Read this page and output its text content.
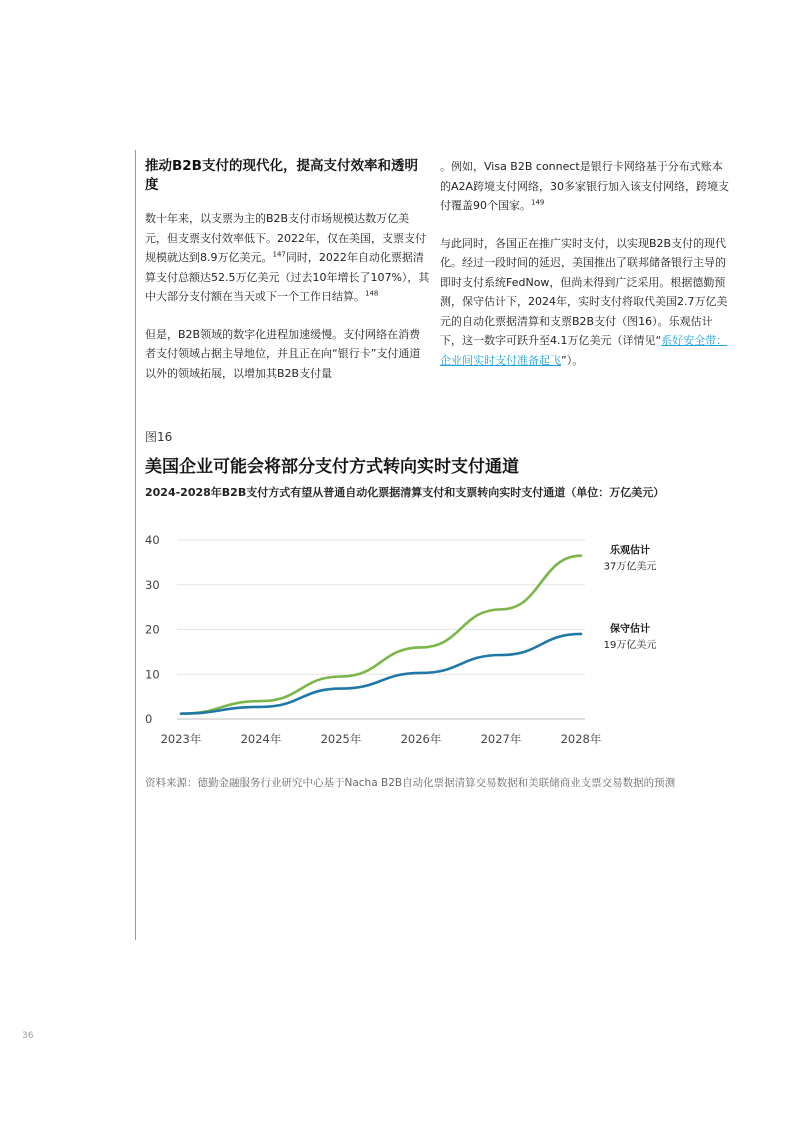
推动B2B支付的现代化，提高支付效率和透明度
数十年来，以支票为主的B2B支付市场规模达数万亿美元，但支票支付效率低下。2022年，仅在美国，支票支付规模就达到8.9万亿美元。$^{147}$同时，2022年自动化票据清算支付总额达52.5万亿美元（过去10年增长了107%），其中大部分支付额在当天或下一个工作日结算。$^{148}$
但是，B2B领域的数字化进程加速缓慢。支付网络在消费者支付领域占据主导地位，并且正在向“银行卡”支付通道以外的领域拓展，以增加其B2B支付量
。例如，Visa B2B connect是银行卡网络基于分布式账本的A2A跨境支付网络，30多家银行加入该支付网络，跨境支付覆盖90个国家。$^{149}$
与此同时，各国正在推广实时支付，以实现B2B支付的现代化。经过一段时间的延迟，美国推出了联邦储备银行主导的即时支付系统FedNow，但尚未得到广泛采用。根据德勤预测，保守估计下，2024年，实时支付将取代美国2.7万亿美元的自动化票据清算和支票B2B支付（图16）。乐观估计下，这一数字可跃升至4.1万亿美元（详情见“系好安全带：企业间实时支付准备起飞”）。
图16
美国企业可能会将部分支付方式转向实时支付通道
2024-2028年B2B支付方式有望从普通自动化票据清算支付和支票转向实时支付通道（单位：万亿美元）
0
10
20
30
40
2023年	2024年	2025年	2026年	2027年	2028年
乐观估计
37万亿美元
保守估计
19万亿美元
资料来源：德勤金融服务行业研究中心基于Nacha B2B自动化票据清算交易数据和美联储商业支票交易数据的预测
36
